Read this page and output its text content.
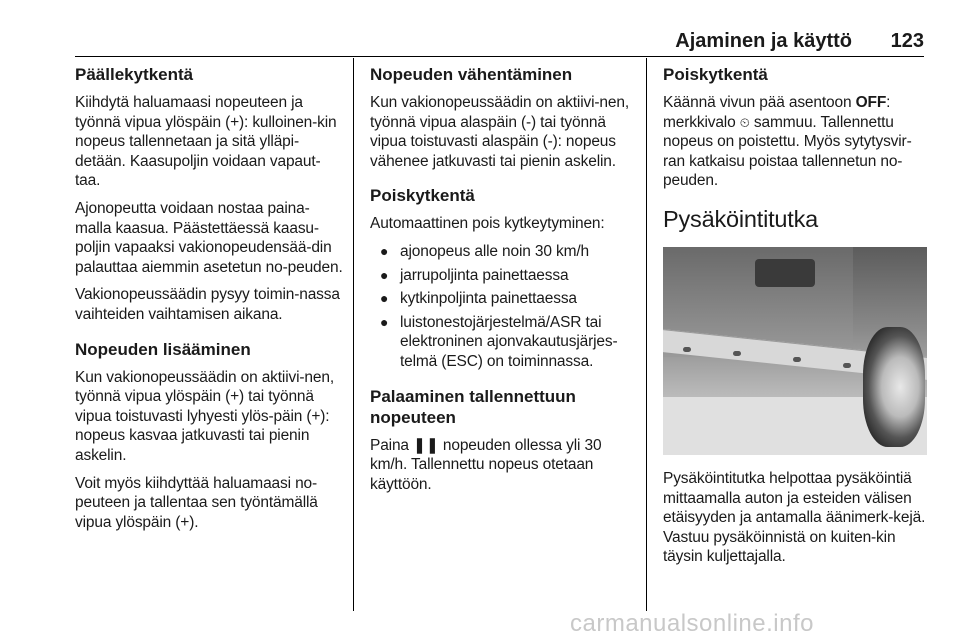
Ajaminen ja käyttö 123
Päällekytkentä

Kiihdytä haluamaasi nopeuteen ja työnnä vipua ylöspäin (+): kulloinen-kin nopeus tallennetaan ja sitä ylläpi-detään. Kaasupoljin voidaan vapaut-taa.

Ajonopeutta voidaan nostaa paina-malla kaasua. Päästettäessä kaasu-poljin vapaaksi vakionopeudensää-din palauttaa aiemmin asetetun no-peuden.

Vakionopeussäädin pysyy toimin-nassa vaihteiden vaihtamisen aikana.

Nopeuden lisääminen

Kun vakionopeussäädin on aktiivi-nen, työnnä vipua ylöspäin (+) tai työnnä vipua toistuvasti lyhyesti ylös-päin (+): nopeus kasvaa jatkuvasti tai pienin askelin.

Voit myös kiihdyttää haluamaasi no-peuteen ja tallentaa sen työntämällä vipua ylöspäin (+).

Nopeuden vähentäminen

Kun vakionopeussäädin on aktiivi-nen, työnnä vipua alaspäin (-) tai työnnä vipua toistuvasti alaspäin (-): nopeus vähenee jatkuvasti tai pienin askelin.

Poiskytkentä

Automaattinen pois kytkeytyminen:

● ajonopeus alle noin 30 km/h
● jarrupoljinta painettaessa
● kytkinpoljinta painettaessa
● luistonestojärjestelmä/ASR tai elektroninen ajonvakautusjärjes-telmä (ESC) on toiminnassa.
Palaaminen tallennettuun nopeuteen

Paina ❚❚ nopeuden ollessa yli 30 km/h. Tallennettu nopeus otetaan käyttöön.

Poiskytkentä

Käännä vivun pää asentoon OFF: merkkivalo ⏲ sammuu. Tallennettu nopeus on poistettu. Myös sytytysvir-ran katkaisu poistaa tallennetun no-peuden.

Pysäköintitutka

Pysäköintitutka helpottaa pysäköintiä mittaamalla auton ja esteiden välisen etäisyyden ja antamalla äänimerk-kejä. Vastuu pysäköinnistä on kuiten-kin täysin kuljettajalla.

carmanualsonline.info
